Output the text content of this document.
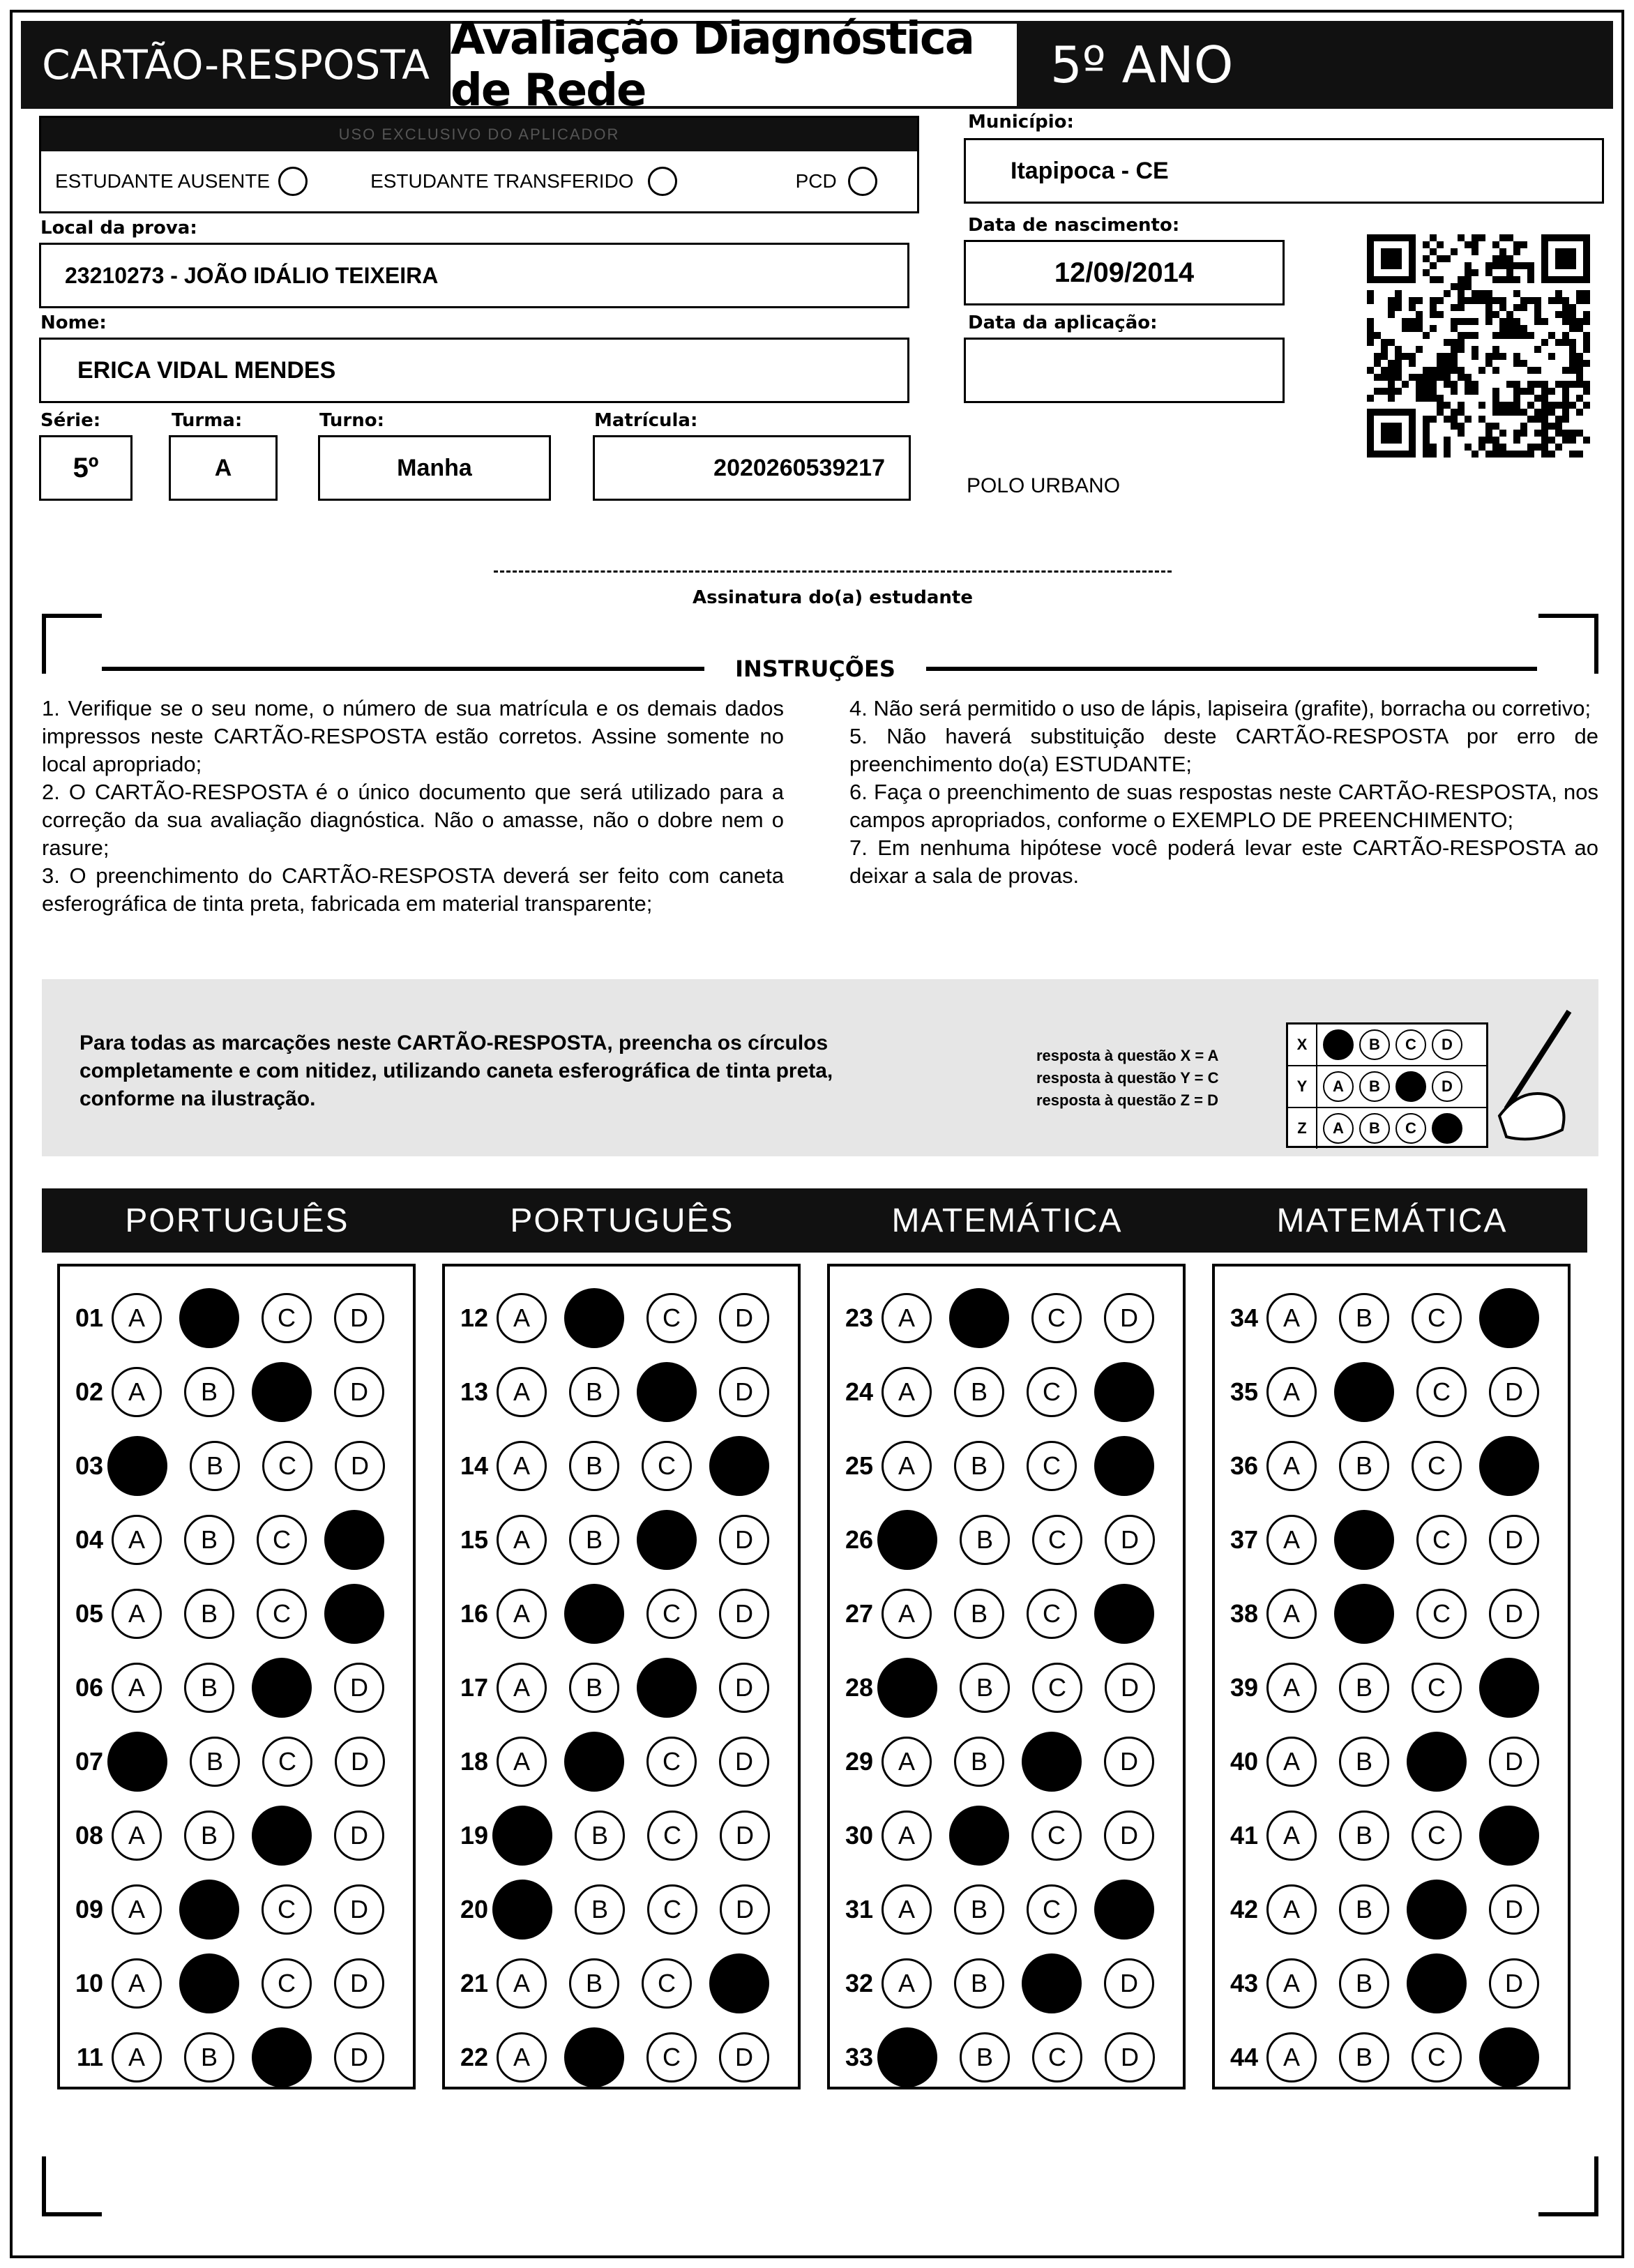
CARTÃO-RESPOSTA Avaliação Diagnóstica de Rede	5º ANO
USO EXCLUSIVO DO APLICADOR
ESTUDANTE AUSENTE	ESTUDANTE TRANSFERIDO	PCD
Local da prova:
23210273 - JOÃO IDÁLIO TEIXEIRA
Nome:
ERICA VIDAL MENDES
Série:
5º
Turma:
A
Turno:
Manha
Matrícula:
2020260539217
Município:
Itapipoca - CE
Data de nascimento:
12/09/2014
Data da aplicação:
POLO URBANO
Assinatura do(a) estudante
INSTRUÇÕES

1. Verifique se o seu nome, o número de sua matrícula e os demais dados impressos neste CARTÃO-RESPOSTA estão corretos. Assine somente no local apropriado;

2. O CARTÃO-RESPOSTA é o único documento que será utilizado para a correção da sua avaliação diagnóstica. Não o amasse, não o dobre nem o rasure;

3. O preenchimento do CARTÃO-RESPOSTA deverá ser feito com caneta esferográfica de tinta preta, fabricada em material transparente;

4. Não será permitido o uso de lápis, lapiseira (grafite), borracha ou corretivo;

5. Não haverá substituição deste CARTÃO-RESPOSTA por erro de preenchimento do(a) ESTUDANTE;

6. Faça o preenchimento de suas respostas neste CARTÃO-RESPOSTA, nos campos apropriados, conforme o EXEMPLO DE PREENCHIMENTO;

7. Em nenhuma hipótese você poderá levar este CARTÃO-RESPOSTA ao deixar a sala de provas.

Para todas as marcações neste CARTÃO-RESPOSTA, preencha os círculos completamente e com nitidez, utilizando caneta esferográfica de tinta preta, conforme na ilustração.
resposta à questão X = A
resposta à questão Y = C
resposta à questão Z = D
X	B	C	D
Y	A	B	D
Z	A	B	C
PORTUGUÊS
01 A	C	D
02 A	B	D
03	B	C	D
04 A	B	C
05 A	B	C
06 A	B	D
07	B	C	D
08 A	B	D
09 A	C	D
10 A	C	D
11 A	B	D
PORTUGUÊS
12 A	C	D
13 A	B	D
14 A	B	C
15 A	B	D
16 A	C	D
17 A	B	D
18 A	C	D
19	B	C	D
20	B	C	D
21 A	B	C
22 A	C	D
MATEMÁTICA
23 A	C	D
24 A	B	C
25 A	B	C
26	B	C	D
27 A	B	C
28	B	C	D
29 A	B	D
30 A	C	D
31 A	B	C
32 A	B	D
33	B	C	D
MATEMÁTICA
34 A	B	C
35 A	C	D
36 A	B	C
37 A	C	D
38 A	C	D
39 A	B	C
40 A	B	D
41 A	B	C
42 A	B	D
43 A	B	D
44 A	B	C
